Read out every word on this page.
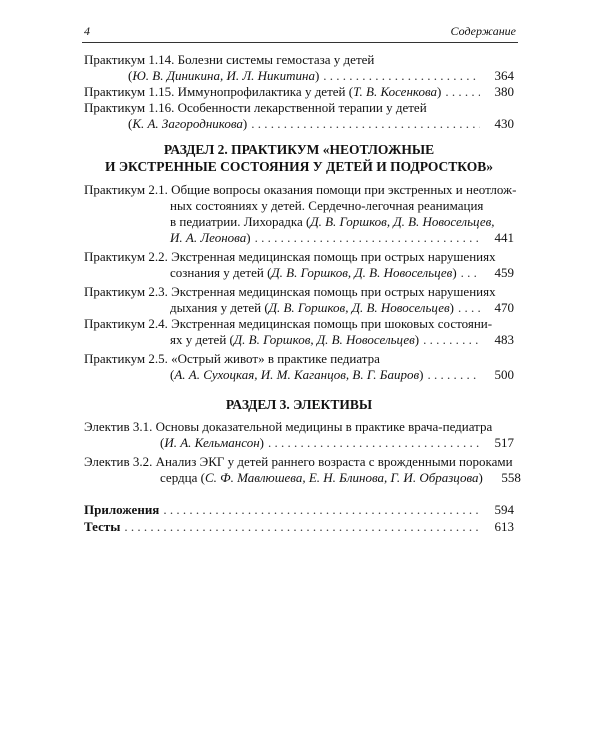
4	Содержание
Практикум 1.14. Болезни системы гемостаза у детей
(Ю. В. Диникина, И. Л. Никитина) . . .	364
Практикум 1.15. Иммунопрофилактика у детей (Т. В. Косенкова) . . .	380
Практикум 1.16. Особенности лекарственной терапии у детей
(К. А. Загородникова) . . .	430
РАЗДЕЛ 2. ПРАКТИКУМ «НЕОТЛОЖНЫЕ
И ЭКСТРЕННЫЕ СОСТОЯНИЯ У ДЕТЕЙ И ПОДРОСТКОВ»
Практикум 2.1. Общие вопросы оказания помощи при экстренных и неотлож-
ных состояниях у детей. Сердечно-легочная реанимация
в педиатрии. Лихорадка (Д. В. Горшков, Д. В. Новосельцев,
И. А. Леонова) . . .	441
Практикум 2.2. Экстренная медицинская помощь при острых нарушениях
сознания у детей (Д. В. Горшков, Д. В. Новосельцев) . . .	459
Практикум 2.3. Экстренная медицинская помощь при острых нарушениях
дыхания у детей (Д. В. Горшков, Д. В. Новосельцев) . . .	470
Практикум 2.4. Экстренная медицинская помощь при шоковых состояни-
ях у детей (Д. В. Горшков, Д. В. Новосельцев) . . .	483
Практикум 2.5. «Острый живот» в практике педиатра
(А. А. Сухоцкая, И. М. Каганцов, В. Г. Баиров) . . .	500
РАЗДЕЛ 3. ЭЛЕКТИВЫ
Электив 3.1. Основы доказательной медицины в практике врача-педиатра
(И. А. Кельмансон) . . .	517
Электив 3.2. Анализ ЭКГ у детей раннего возраста с врожденными пороками
сердца (С. Ф. Мавлюшева, Е. Н. Блинова, Г. И. Образцова)	558
Приложения . . .	594
Тесты . . .	613
